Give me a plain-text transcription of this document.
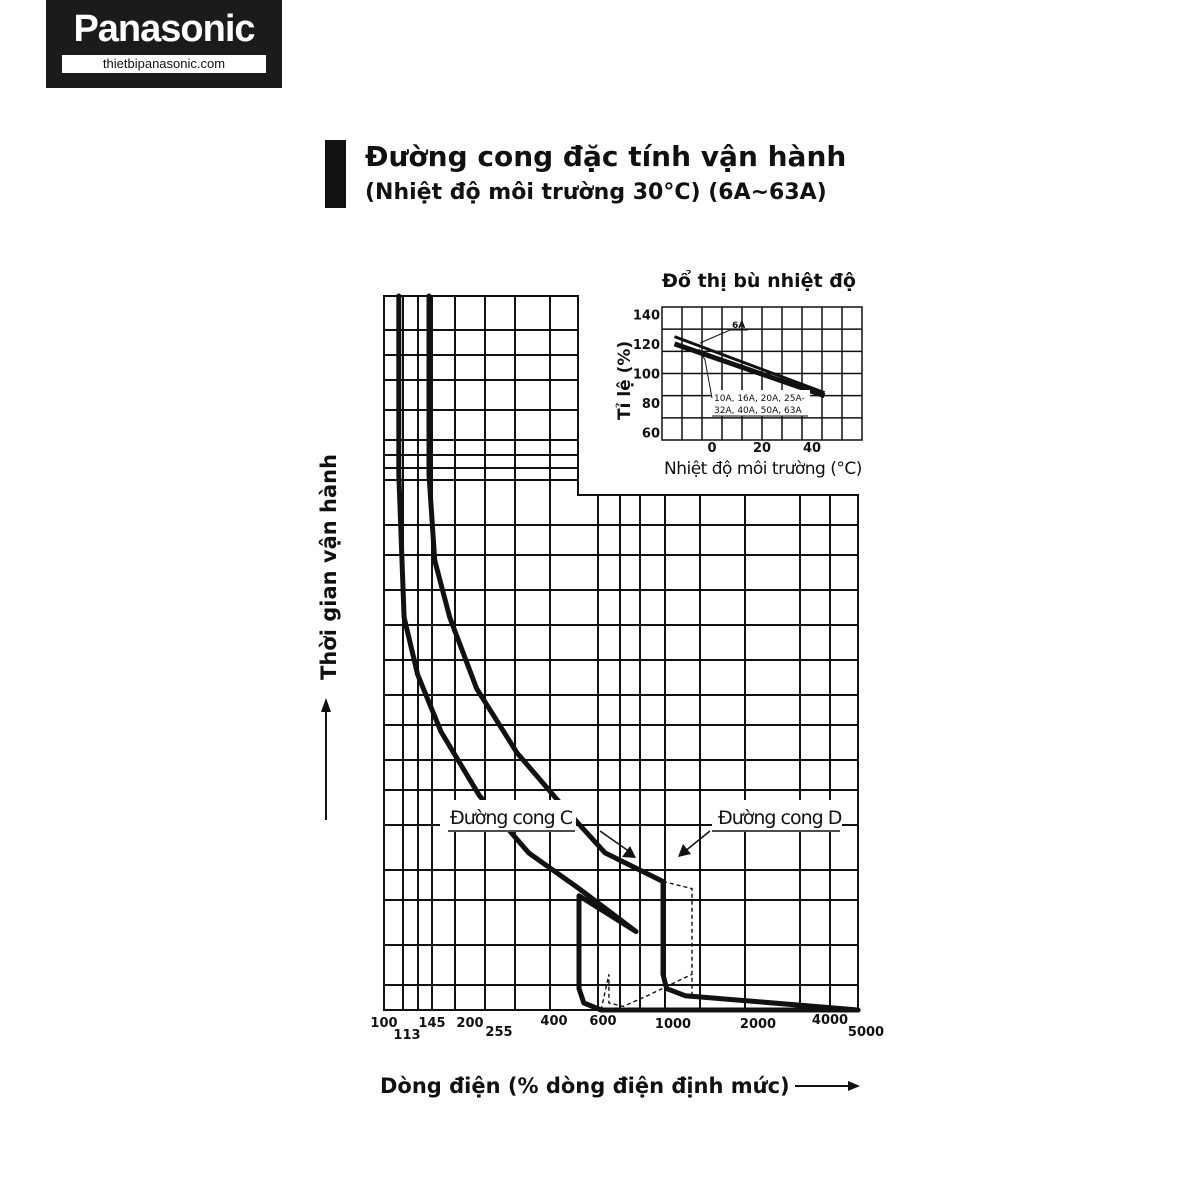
Panasonic
thietbipanasonic.com
Đường cong đặc tính vận hành
(Nhiệt độ môi trường 30°C) (6A~63A)
100
113
145 200
255
400 600	1000	2000	4000
5000
Dòng điện (% dòng điện định mức)
Thời gian vận hành
Đường cong C	Đường cong D
Đổ thị bù nhiệt độ
140
120
100
80
60
0	20 40
Tỉ lệ (%)
Nhiệt độ môi trường (°C)
6A
10A, 16A, 20A, 25A-
32A, 40A, 50A, 63A
